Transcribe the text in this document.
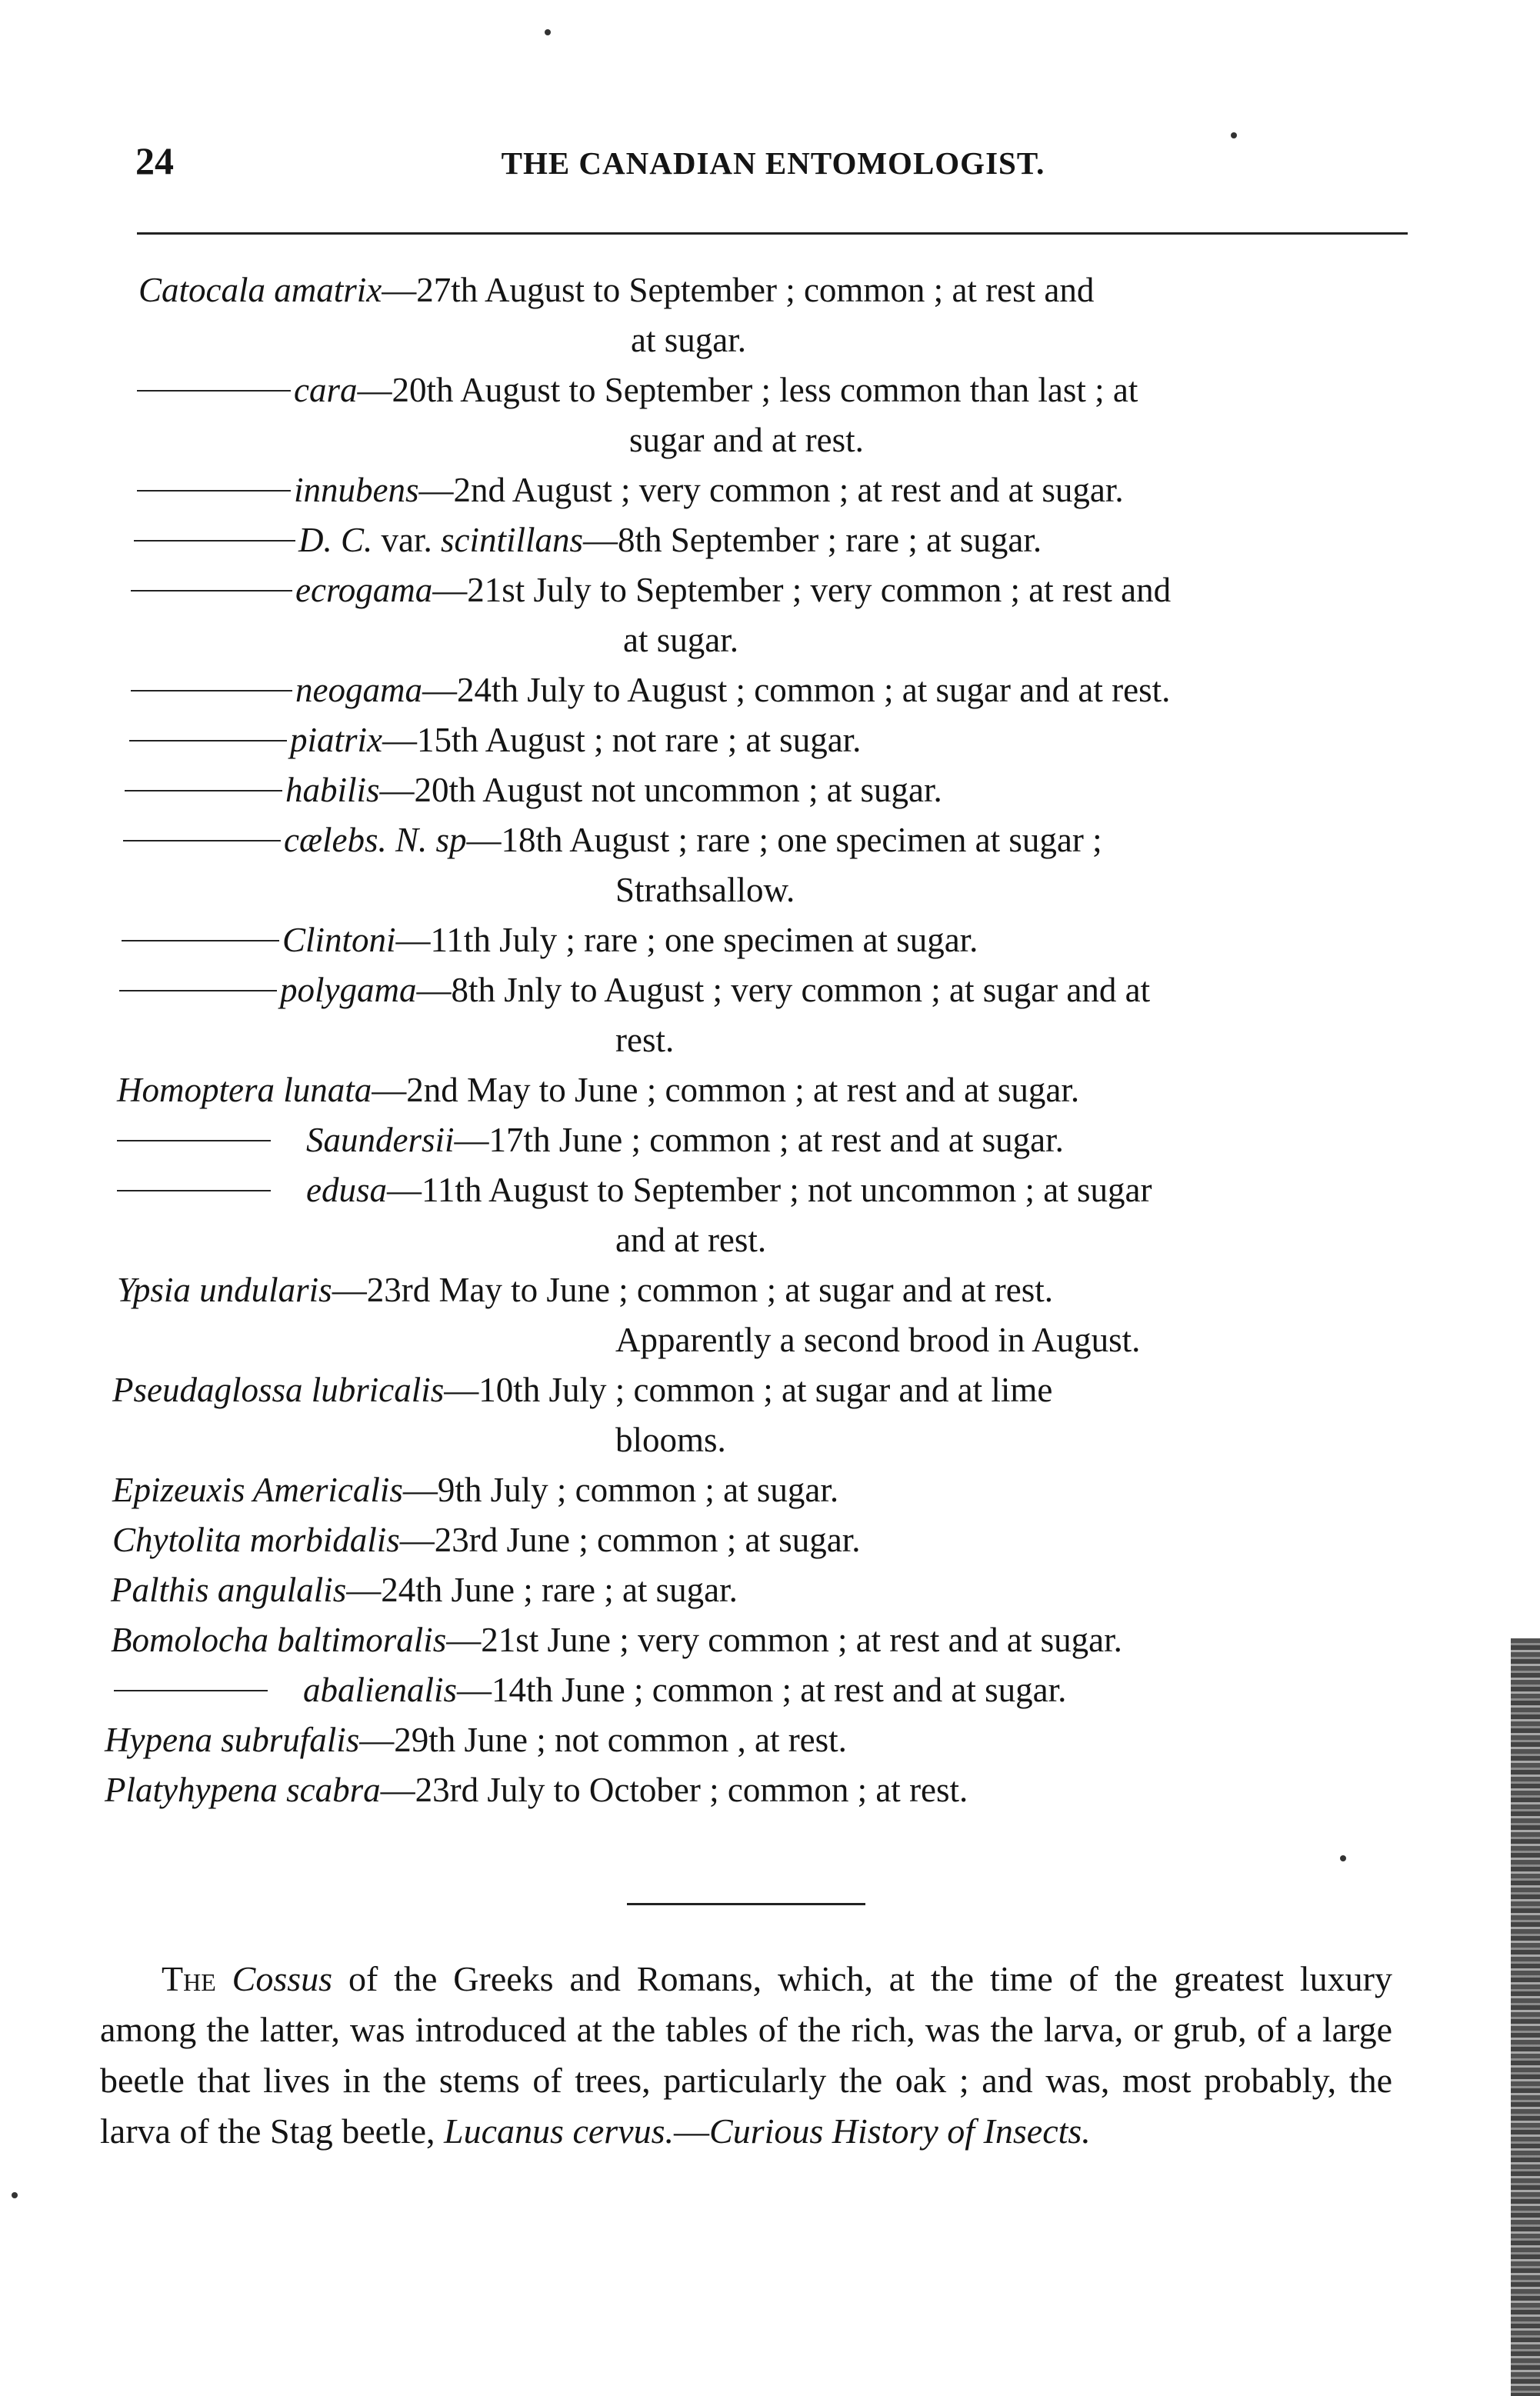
24	THE CANADIAN ENTOMOLOGIST.
Catocala amatrix—27th August to September ; common ; at rest and
at sugar.
cara—20th August to September ; less common than last ; at
sugar and at rest.
innubens—2nd August ; very common ; at rest and at sugar.
D. C. var. scintillans—8th September ; rare ; at sugar.
ecrogama—21st July to September ; very common ; at rest and
at sugar.
neogama—24th July to August ; common ; at sugar and at rest.
piatrix—15th August ; not rare ; at sugar.
habilis—20th August not uncommon ; at sugar.
cælebs. N. sp—18th August ; rare ; one specimen at sugar ;
Strathsallow.
Clintoni—11th July ; rare ; one specimen at sugar.
polygama—8th Jnly to August ; very common ; at sugar and at
rest.
Homoptera lunata—2nd May to June ; common ; at rest and at sugar.
Saundersii—17th June ; common ; at rest and at sugar.
edusa—11th August to September ; not uncommon ; at sugar
and at rest.
Ypsia undularis—23rd May to June ; common ; at sugar and at rest.
Apparently a second brood in August.
Pseudaglossa lubricalis—10th July ; common ; at sugar and at lime
blooms.
Epizeuxis Americalis—9th July ; common ; at sugar.
Chytolita morbidalis—23rd June ; common ; at sugar.
Palthis angulalis—24th June ; rare ; at sugar.
Bomolocha baltimoralis—21st June ; very common ; at rest and at sugar.
abalienalis—14th June ; common ; at rest and at sugar.
Hypena subrufalis—29th June ; not common , at rest.
Platyhypena scabra—23rd July to October ; common ; at rest.
The Cossus of the Greeks and Romans, which, at the time of the greatest luxury among the latter, was introduced at the tables of the rich, was the larva, or grub, of a large beetle that lives in the stems of trees, particularly the oak ; and was, most probably, the larva of the Stag beetle, Lucanus cervus.—Curious History of Insects.
